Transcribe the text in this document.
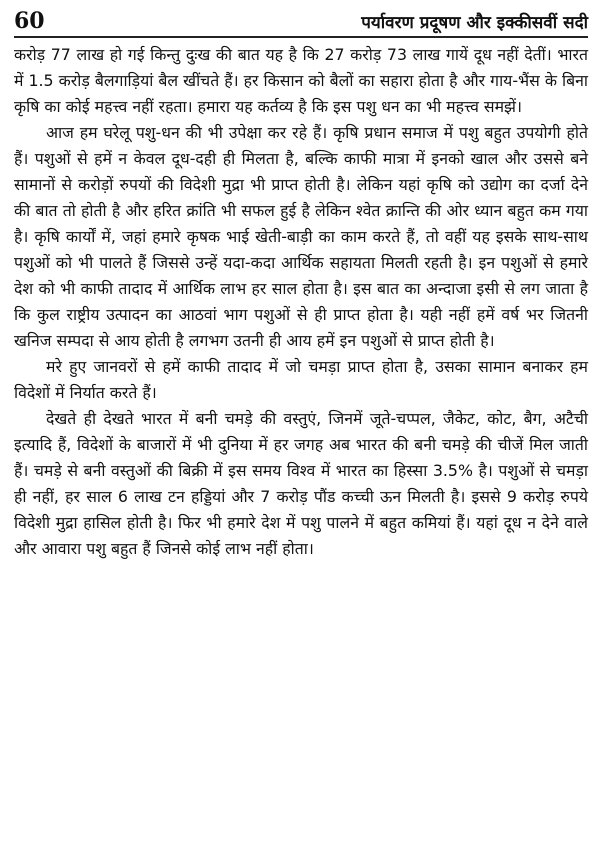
60	पर्यावरण प्रदूषण और इक्कीसवीं सदी

करोड़ 77 लाख हो गई किन्तु दुःख की बात यह है कि 27 करोड़ 73 लाख गायें दूध नहीं देतीं। भारत में 1.5 करोड़ बैलगाड़ियां बैल खींचते हैं। हर किसान को बैलों का सहारा होता है और गाय-भैंस के बिना कृषि का कोई महत्त्व नहीं रहता। हमारा यह कर्तव्य है कि इस पशु धन का भी महत्त्व समझें।

आज हम घरेलू पशु-धन की भी उपेक्षा कर रहे हैं। कृषि प्रधान समाज में पशु बहुत उपयोगी होते हैं। पशुओं से हमें न केवल दूध-दही ही मिलता है, बल्कि काफी मात्रा में इनको खाल और उससे बने सामानों से करोड़ों रुपयों की विदेशी मुद्रा भी प्राप्त होती है। लेकिन यहां कृषि को उद्योग का दर्जा देने की बात तो होती है और हरित क्रांति भी सफल हुई है लेकिन श्वेत क्रान्ति की ओर ध्यान बहुत कम गया है। कृषि कार्यों में, जहां हमारे कृषक भाई खेती-बाड़ी का काम करते हैं, तो वहीं यह इसके साथ-साथ पशुओं को भी पालते हैं जिससे उन्हें यदा-कदा आर्थिक सहायता मिलती रहती है। इन पशुओं से हमारे देश को भी काफी तादाद में आर्थिक लाभ हर साल होता है। इस बात का अन्दाजा इसी से लग जाता है कि कुल राष्ट्रीय उत्पादन का आठवां भाग पशुओं से ही प्राप्त होता है। यही नहीं हमें वर्ष भर जितनी खनिज सम्पदा से आय होती है लगभग उतनी ही आय हमें इन पशुओं से प्राप्त होती है।

मरे हुए जानवरों से हमें काफी तादाद में जो चमड़ा प्राप्त होता है, उसका सामान बनाकर हम विदेशों में निर्यात करते हैं।

देखते ही देखते भारत में बनी चमड़े की वस्तुएं, जिनमें जूते-चप्पल, जैकेट, कोट, बैग, अटैची इत्यादि हैं, विदेशों के बाजारों में भी दुनिया में हर जगह अब भारत की बनी चमड़े की चीजें मिल जाती हैं। चमड़े से बनी वस्तुओं की बिक्री में इस समय विश्व में भारत का हिस्सा 3.5% है। पशुओं से चमड़ा ही नहीं, हर साल 6 लाख टन हड्डियां और 7 करोड़ पौंड कच्ची ऊन मिलती है। इससे 9 करोड़ रुपये विदेशी मुद्रा हासिल होती है। फिर भी हमारे देश में पशु पालने में बहुत कमियां हैं। यहां दूध न देने वाले और आवारा पशु बहुत हैं जिनसे कोई लाभ नहीं होता।
